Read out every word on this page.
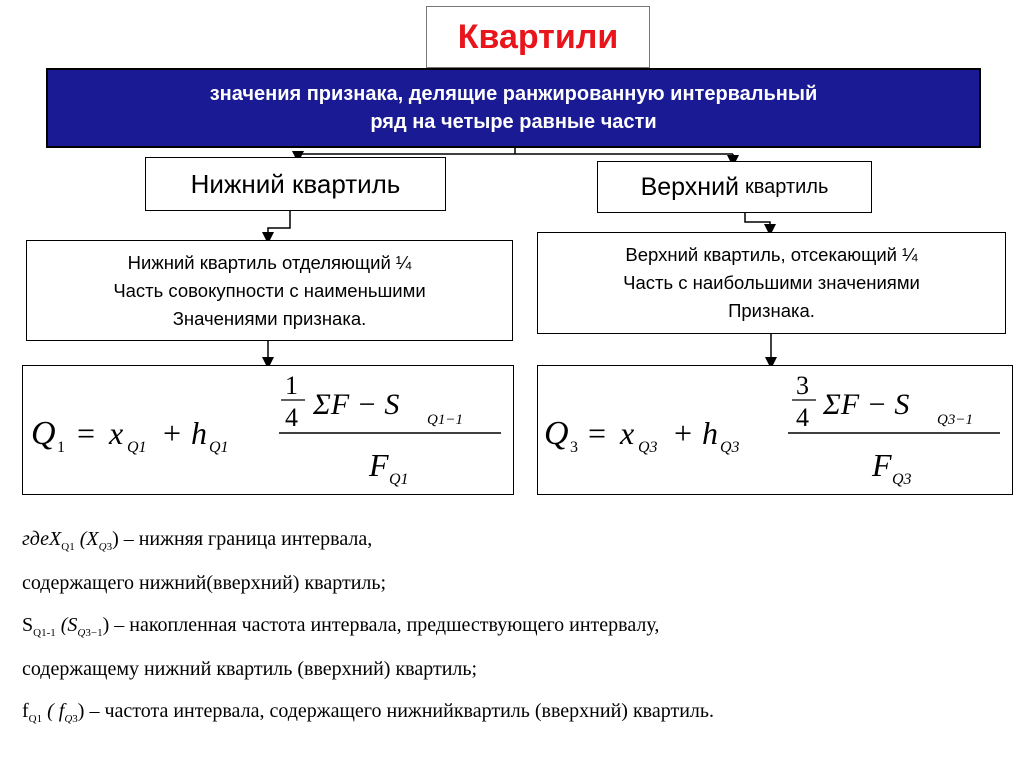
Квартили
значения признака, делящие ранжированную интервальный
ряд на четыре равные части
Нижний квартиль	Верхний квартиль
Нижний квартиль отделяющий ¼
Часть совокупности с наименьшими
Значениями признака.
Верхний квартиль, отсекающий ¼
Часть с наибольшими значениями
Признака.
Q 1 = x Q1 + h Q1
1
4 ΣF − S Q1−1
F Q1
Q 3 = x Q3 + h Q3
3
4 ΣF − S Q3−1
F Q3
гдеX$_{Q1}$ $(X_{Q3})$ – нижняя граница интервала,
содержащего нижний(вверхний) квартиль;
$S_{Q1-1}$ $(S_{Q3-1})$ – накопленная частота интервала, предшествующего интервалу,
содержащему нижний квартиль (вверхний) квартиль;
$f_{Q1}$ ( $f_{Q3}$) – частота интервала, содержащего нижнийквартиль (вверхний) квартиль.
